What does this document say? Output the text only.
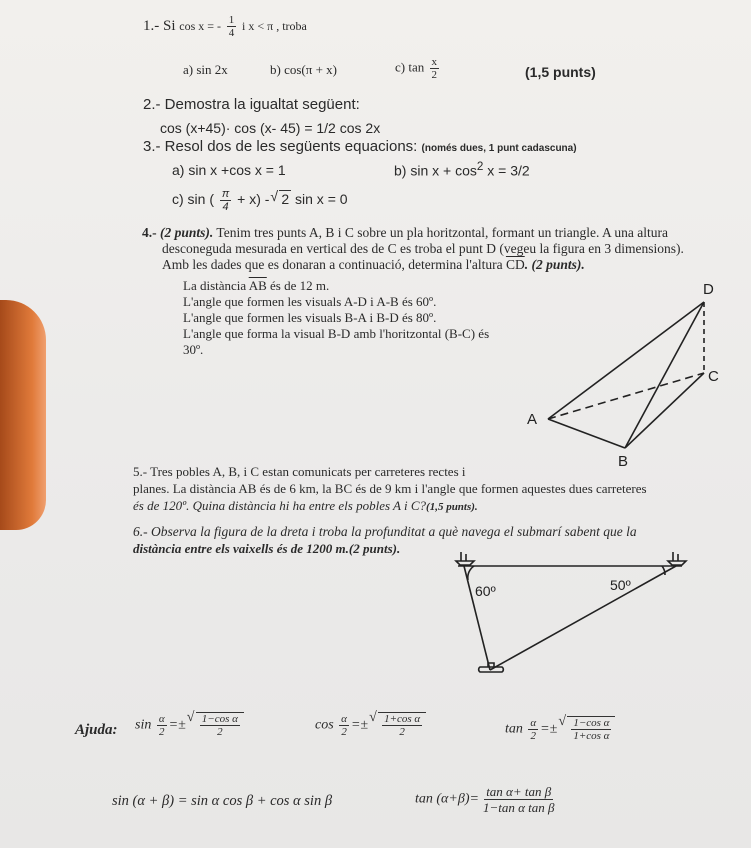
1.- Si cos x = - $\frac{1}{4}$ i x < π , troba
a) sin 2x	b) cos(π + x)	c) $\tan \frac{x}{2}$	(1,5 punts)
2.- Demostra la igualtat següent:
cos (x+45)· cos (x- 45) = 1/2 cos 2x
3.- Resol dos de les següents equacions: (només dues, 1 punt cadascuna)
a) sin x +cos x = 1	b) $\sin x + \cos^2 x = 3/2$
c) sin ( $\frac{\pi}{4} + x$) - √ 2 sin x = 0
4.- (2 punts). Tenim tres punts A, B i C sobre un pla horitzontal, formant un triangle. A una altura
desconeguda mesurada en vertical des de C es troba el punt D (vegeu la figura en 3 dimensions).
Amb les dades que es donaran a continuació, determina l'altura $\overline{CD}$. (2 punts).
La distància $\overline{AB}$ és de 12 m.
L'angle que formen les visuals A-D i A-B és 60º.
L'angle que formen les visuals B-A i B-D és 80º.
L'angle que forma la visual B-D amb l'horitzontal (B-C) és
30º.
D
C
A
B
60º	50º
5.- Tres pobles A, B, i C estan comunicats per carreteres rectes i
planes. La distància AB és de 6 km, la BC és de 9 km i l'angle que formen aquestes dues carreteres
és de 120º. Quina distància hi ha entre els pobles A i C?(1,5 punts).
6.- Observa la figura de la dreta i troba la profunditat a què navega el submarí sabent que la
distància entre els vaixells és de 1200 m.(2 punts).
Ajuda: $\sin \frac{\alpha}{2}$ =± √ $\frac{\text{1−cos α}}{2}$	$\cos \frac{\alpha}{2}$ =± √ $\frac{\text{1+cos α}}{2}$	$\tan \frac{\alpha}{2}$ =± √ $\frac{\text{1−cos α}}{\text{1+cos α}}$
sin (α + β) = sin α cos β + cos α sin β	$\tan (\alpha+\beta)= \frac{\text{tan α+ tan β}}{\text{1−tan α tan β}}$
